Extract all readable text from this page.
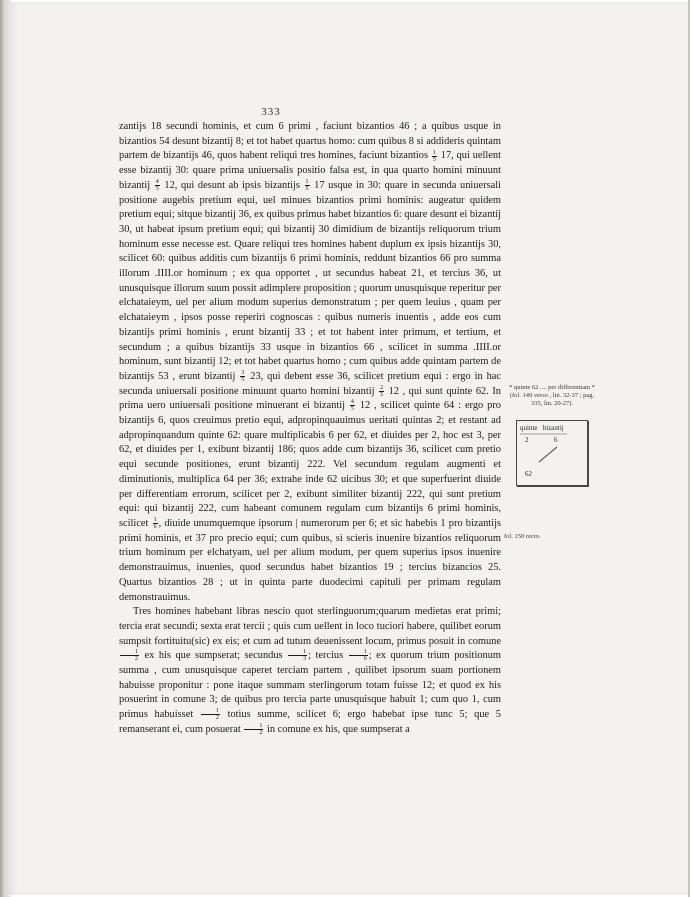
333

zantijs 18 secundi hominis, et cum 6 primi , faciunt bizantios 46 ; a quibus usque in bizantios 54 desunt bizantij 8; et tot habet quartus homo: cum quibus 8 si addideris quintam partem de bizantijs 46, quos habent reliqui tres homines, faciunt bizantios $\frac{1}{5} 17$, qui uellent esse bizantij 30: quare prima uniuersalis positio falsa est, in qua quarto homini minuunt bizantij $\frac{4}{5} 12$, qui desunt ab ipsis bizantijs $\frac{1}{5} 17$ usque in 30: quare in secunda uniuersali positione augebis pretium equi, uel minues bizantios primi hominis: augeatur quidem pretium equi; sitque bizantij 36, ex quibus primus habet bizantios 6: quare desunt ei bizantij 30, ut habeat ipsum pretium equi; qui bizantij 30 dimidium de bizantijs reliquorum trium hominum esse necesse est. Quare reliqui tres homines habent duplum ex ipsis bizantijs 30, scilicet 60: quibus additis cum bizantijs 6 primi hominis, reddunt bizantios 66 pro summa illorum .IIII.or hominum ; ex qua opportet , ut secundus habeat 21, et tercius 36, ut unusquisque illorum suum possit adimplere proposition ; quorum unusquisque reperitur per elchataieym, uel per alium modum superius demonstratum ; per quem leuius , quam per elchataieym , ipsos posse reperiri cognoscas : quibus numeris inuentis , adde eos cum bizantijs primi hominis , erunt bizantij 33 ; et tot habent inter primum, et tertium, et secundum ; a quibus bizantijs 33 usque in bizantios 66 , scilicet in summa .IIII.or hominum, sunt bizantij 12; et tot habet quartus homo ; cum quibus adde quintam partem de bizantijs 53 , erunt bizantij $\frac{3}{5} 23$, qui debent esse 36, scilicet pretium equi : ergo in hac secunda uniuersali positione minuunt quarto homini bizantij $\frac{2}{5} 12$ , qui sunt quinte 62. In prima uero uniuersali positione minuerant ei bizantij $\frac{4}{5} 12$ , scilicet quinte 64 : ergo pro bizantijs 6, quos creuimus pretio equi, adpropinquauimus ueritati quintas 2; et restant ad adpropinquandum quinte 62: quare multiplicabis 6 per 62, et diuides per 2, hoc est 3, per 62, et diuides per 1, exibunt bizantij 186; quos adde cum bizantijs 36, scilicet cum pretio equi secunde positiones, erunt bizantij 222. Vel secundum regulam augmenti et diminutionis, multiplica 64 per 36; extrahe inde 62 uicibus 30; et que superfuerint diuide per differentiam errorum, scilicet per 2, exibunt similiter bizantij 222, qui sunt pretium equi: qui bizantij 222, cum habeant comunem regulam cum bizantijs 6 primi hominis, scilicet $\frac{1}{6}$ , diuide unumquemque ipsorum | numerorum per 6; et sic habebis 1 pro bizantijs primi hominis, et 37 pro precio equi; cum quibus, si scieris inuenire bizantios reliquorum trium hominum per elchatyam, uel per alium modum, per quem superius ipsos inuenire demonstrauimus, inuenies, quod secundus habet bizantios 19 ; tercius bizancios 25. Quartus bizantios 28 ; ut in quinta parte duodecimi capituli per primam regulam demonstrauimus.

Tres homines habebant libras nescio quot sterlinguorum;quarum medietas erat primi; tercia erat secundi; sexta erat tercii ; quis cum uellent in loco tuciori habere, quilibet eorum sumpsit fortituitu(sic) ex eis; et cum ad tutum deuenissent locum, primus posuit in comune
$\frac{1}{2}$ ex his que sumpserat; secundus $\frac{1}{3}$ ; tercius $\frac{1}{6}$ ; ex quorum trium positionum summa , cum unusquisque caperet terciam partem , quilibet ipsorum suam portionem habuisse proponitur : pone itaque summam sterlingorum totam fuisse 12; et quod ex his posuerint in comune 3; de quibus pro tercia parte unusquisque habuit 1; cum quo 1, cum primus habuisset $\frac{1}{2}$ totius summe, scilicet 6; ergo habebat ipse tunc 5; que 5 remanserant ei, cum posuerat $\frac{1}{2}$ in comune ex his, que sumpserat a

* quinte 62 .... per differentiam * (fol. 149 verso , lin. 32-37 ; pag. 335, lin. 20-27).
quinte   bizantij
2	6
62
fol. 150 recto.
